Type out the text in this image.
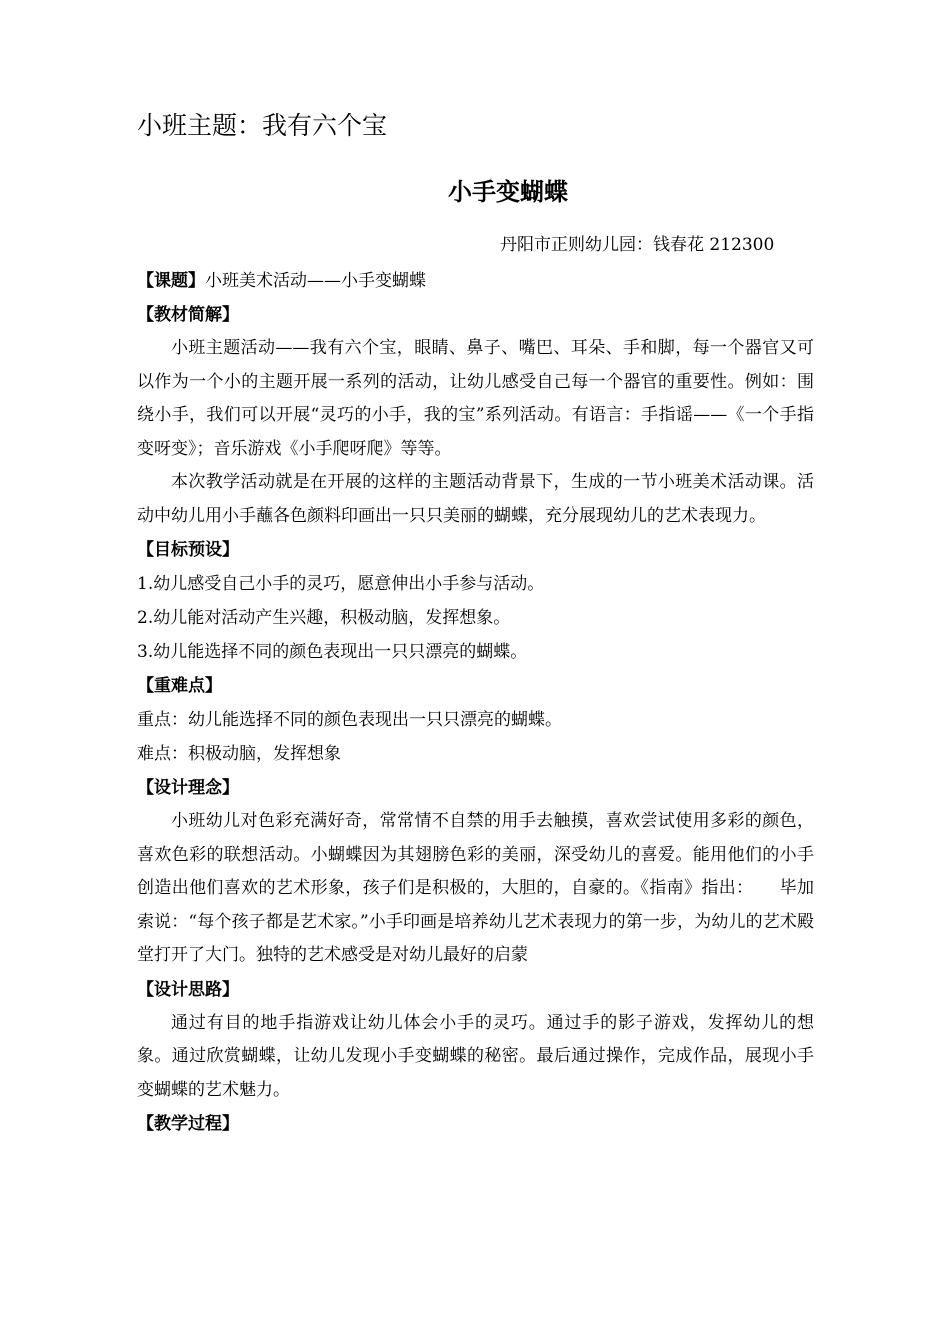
小班主题：我有六个宝
小手变蝴蝶
丹阳市正则幼儿园：钱春花 212300

【课题】小班美术活动——小手变蝴蝶

【教材简解】

小班主题活动——我有六个宝，眼睛、鼻子、嘴巴、耳朵、手和脚，每一个器官又可以作为一个小的主题开展一系列的活动，让幼儿感受自己每一个器官的重要性。例如：围绕小手，我们可以开展“灵巧的小手，我的宝”系列活动。有语言：手指谣——《一个手指变呀变》；音乐游戏《小手爬呀爬》等等。

本次教学活动就是在开展的这样的主题活动背景下，生成的一节小班美术活动课。活动中幼儿用小手蘸各色颜料印画出一只只美丽的蝴蝶，充分展现幼儿的艺术表现力。

【目标预设】

1.幼儿感受自己小手的灵巧，愿意伸出小手参与活动。

2.幼儿能对活动产生兴趣，积极动脑，发挥想象。

3.幼儿能选择不同的颜色表现出一只只漂亮的蝴蝶。

【重难点】

重点：幼儿能选择不同的颜色表现出一只只漂亮的蝴蝶。

难点：积极动脑，发挥想象

【设计理念】

小班幼儿对色彩充满好奇，常常情不自禁的用手去触摸，喜欢尝试使用多彩的颜色，喜欢色彩的联想活动。小蝴蝶因为其翅膀色彩的美丽，深受幼儿的喜爱。能用他们的小手创造出他们喜欢的艺术形象，孩子们是积极的，大胆的，自豪的。《指南》指出：　　毕加索说：“每个孩子都是艺术家。”小手印画是培养幼儿艺术表现力的第一步，为幼儿的艺术殿堂打开了大门。独特的艺术感受是对幼儿最好的启蒙

【设计思路】

通过有目的地手指游戏让幼儿体会小手的灵巧。通过手的影子游戏，发挥幼儿的想象。通过欣赏蝴蝶，让幼儿发现小手变蝴蝶的秘密。最后通过操作，完成作品，展现小手变蝴蝶的艺术魅力。

【教学过程】
